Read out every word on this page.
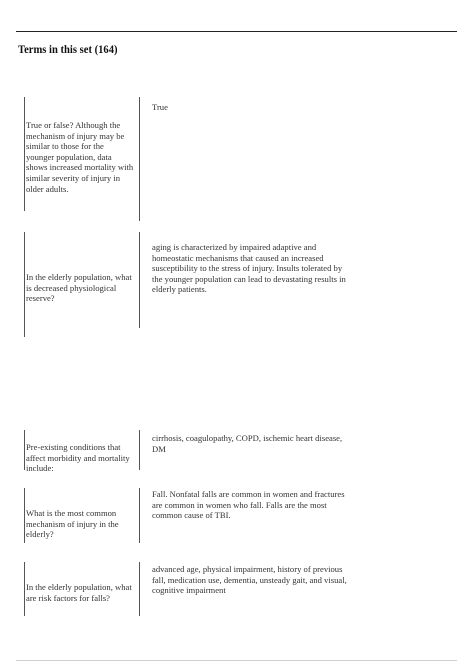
Terms in this set (164)
True or false? Although the mechanism of injury may be similar to those for the younger population, data shows increased mortality with similar severity of injury in older adults.
True
In the elderly population, what is decreased physiological reserve?
aging is characterized by impaired adaptive and homeostatic mechanisms that caused an increased susceptibility to the stress of injury. Insults tolerated by the younger population can lead to devastating results in elderly patients.
Pre-existing conditions that affect morbidity and mortality include:
cirrhosis, coagulopathy, COPD, ischemic heart disease, DM
What is the most common mechanism of injury in the elderly?
Fall. Nonfatal falls are common in women and fractures are common in women who fall. Falls are the most common cause of TBI.
In the elderly population, what are risk factors for falls?
advanced age, physical impairment, history of previous fall, medication use, dementia, unsteady gait, and visual, cognitive impairment
